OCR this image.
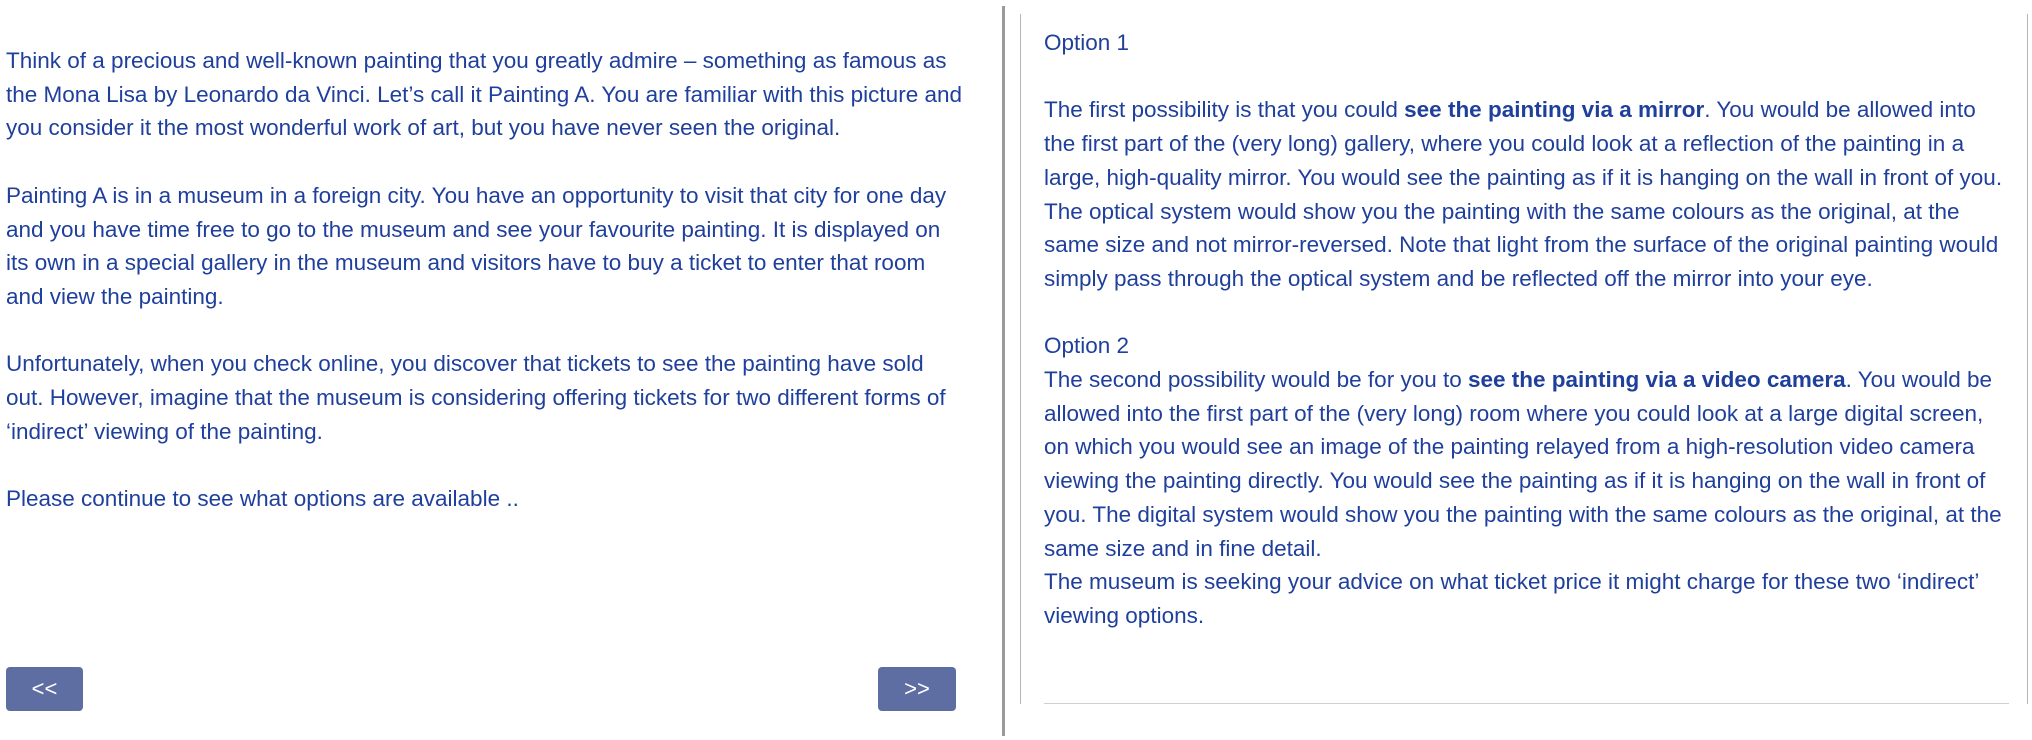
Think of a precious and well-known painting that you greatly admire – something as famous as the Mona Lisa by Leonardo da Vinci. Let’s call it Painting A. You are familiar with this picture and you consider it the most wonderful work of art, but you have never seen the original.

Painting A is in a museum in a foreign city. You have an opportunity to visit that city for one day and you have time free to go to the museum and see your favourite painting. It is displayed on its own in a special gallery in the museum and visitors have to buy a ticket to enter that room and view the painting.

Unfortunately, when you check online, you discover that tickets to see the painting have sold out. However, imagine that the museum is considering offering tickets for two different forms of ‘indirect’ viewing of the painting.

Please continue to see what options are available ..

<<	>>

Option 1

The first possibility is that you could see the painting via a mirror. You would be allowed into the first part of the (very long) gallery, where you could look at a reflection of the painting in a large, high-quality mirror. You would see the painting as if it is hanging on the wall in front of you. The optical system would show you the painting with the same colours as the original, at the same size and not mirror-reversed. Note that light from the surface of the original painting would simply pass through the optical system and be reflected off the mirror into your eye.

Option 2

The second possibility would be for you to see the painting via a video camera. You would be allowed into the first part of the (very long) room where you could look at a large digital screen, on which you would see an image of the painting relayed from a high-resolution video camera viewing the painting directly. You would see the painting as if it is hanging on the wall in front of you. The digital system would show you the painting with the same colours as the original, at the same size and in fine detail.

The museum is seeking your advice on what ticket price it might charge for these two ‘indirect’ viewing options.
